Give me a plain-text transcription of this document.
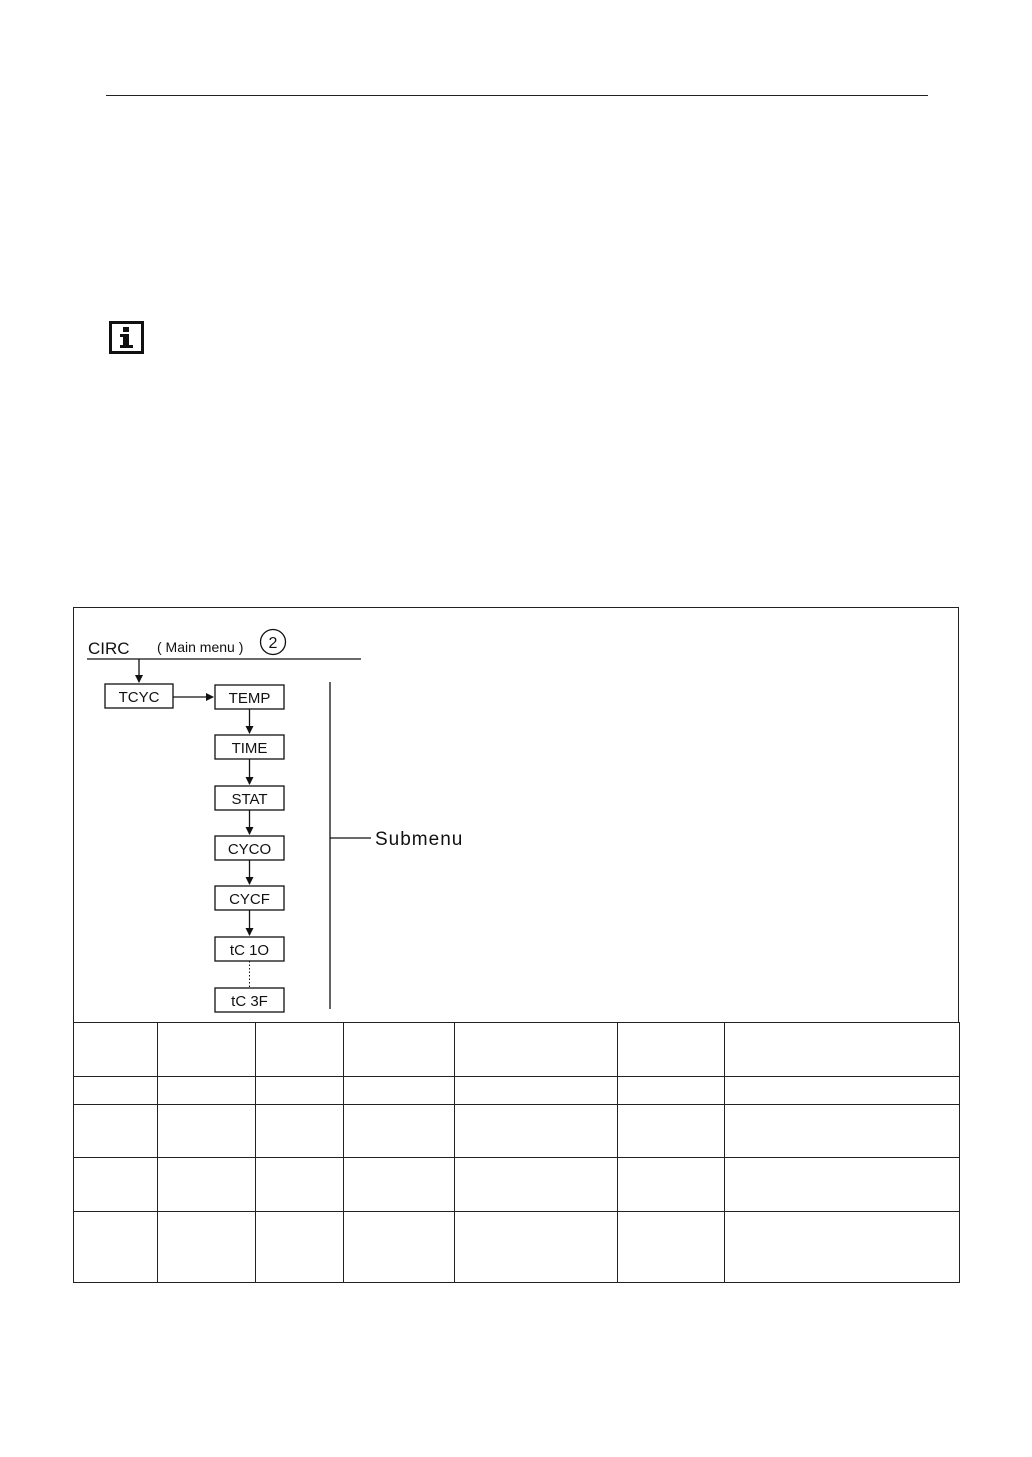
CIRC ( Main menu ) 2
TCYC	TEMP
TIME
STAT
CYCO
CYCF
tC 1O
tC 3F
Submenu
